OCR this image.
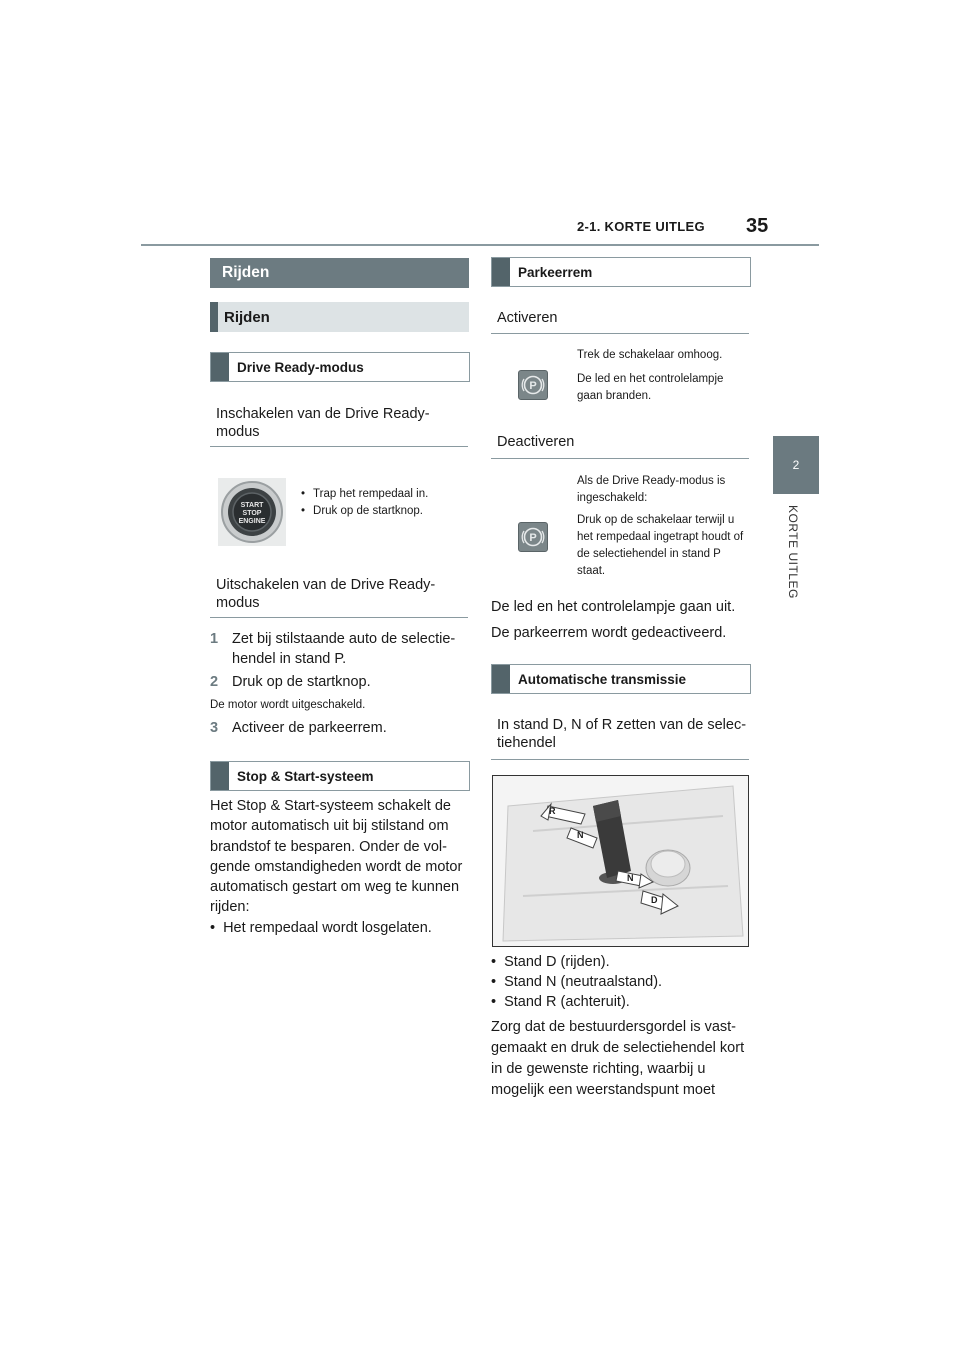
2-1. KORTE UITLEG 35
2
KORTE UITLEG
Rijden
Rijden
Drive Ready-modus
Inschakelen van de Drive Ready-modus
START
STOP
ENGINE
• Trap het rempedaal in.
• Druk op de startknop.
Uitschakelen van de Drive Ready-modus
1 Zet bij stilstaande auto de selectie-hendel in stand P.
2 Druk op de startknop.
De motor wordt uitgeschakeld.
3 Activeer de parkeerrem.
Stop & Start-systeem
Het Stop & Start-systeem schakelt de motor automatisch uit bij stilstand om brandstof te besparen. Onder de vol-gende omstandigheden wordt de motor automatisch gestart om weg te kunnen rijden:
• Het rempedaal wordt losgelaten.
Parkeerrem
Activeren
P
Trek de schakelaar omhoog.
De led en het controlelampje gaan branden.
Deactiveren
P
Als de Drive Ready-modus is ingeschakeld:
Druk op de schakelaar terwijl u het rempedaal ingetrapt houdt of de selectiehendel in stand P staat.
De led en het controlelampje gaan uit.
De parkeerrem wordt gedeactiveerd.
Automatische transmissie
In stand D, N of R zetten van de selec-tiehendel
R
N
N
D
• Stand D (rijden).
• Stand N (neutraalstand).
• Stand R (achteruit).
Zorg dat de bestuurdersgordel is vast-gemaakt en druk de selectiehendel kort in de gewenste richting, waarbij u mogelijk een weerstandspunt moet
